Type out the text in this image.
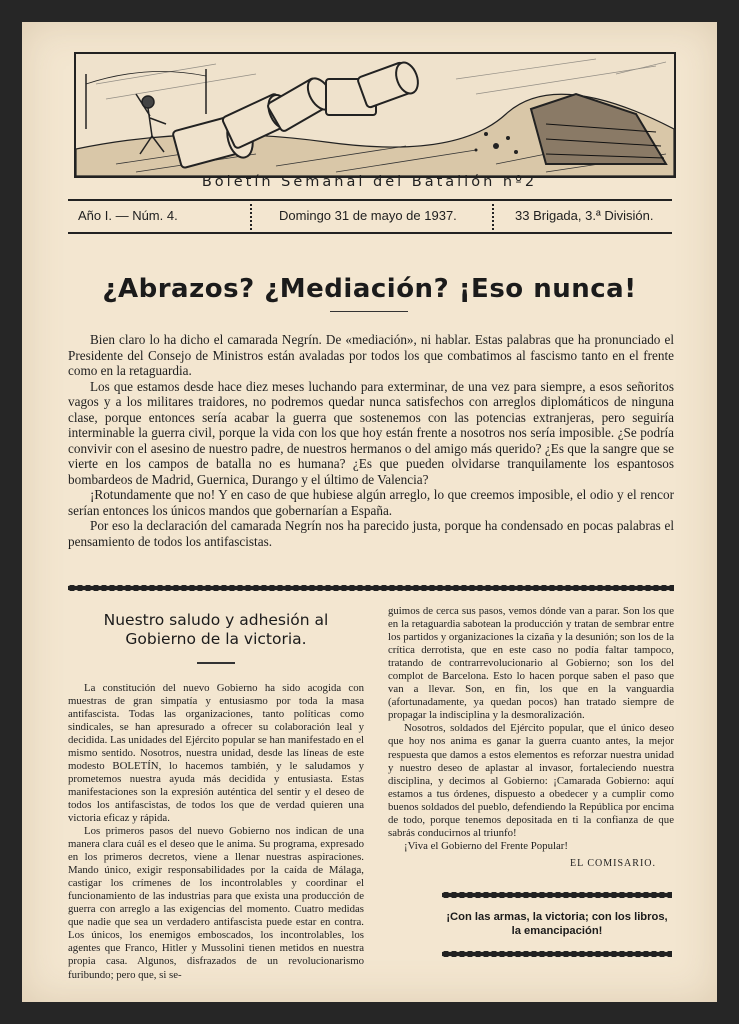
Boletín Semanal del Batallón nº2
Año I. — Núm. 4.	Domingo 31 de mayo de 1937.	33 Brigada, 3.ª División.
¿Abrazos? ¿Mediación? ¡Eso nunca!

Bien claro lo ha dicho el camarada Negrín. De «mediación», ni hablar. Estas palabras que ha pronunciado el Presidente del Consejo de Ministros están avaladas por todos los que combatimos al fascismo tanto en el frente como en la retaguardia.

Los que estamos desde hace diez meses luchando para exterminar, de una vez para siempre, a esos señoritos vagos y a los militares traidores, no podremos quedar nunca satisfechos con arreglos diplomáticos de ninguna clase, porque entonces sería acabar la guerra que sostenemos con las potencias extranjeras, pero seguiría interminable la guerra civil, porque la vida con los que hoy están frente a nosotros nos sería imposible. ¿Se podría convivir con el asesino de nuestro padre, de nuestros hermanos o del amigo más querido? ¿Es que la sangre que se vierte en los campos de batalla no es humana? ¿Es que pueden olvidarse tranquilamente los espantosos bombardeos de Madrid, Guernica, Durango y el último de Valencia?

¡Rotundamente que no! Y en caso de que hubiese algún arreglo, lo que creemos imposible, el odio y el rencor serían entonces los únicos mandos que gobernarían a España.

Por eso la declaración del camarada Negrín nos ha parecido justa, porque ha condensado en pocas palabras el pensamiento de todos los antifascistas.

Nuestro saludo y adhesión al Gobierno de la victoria.

La constitución del nuevo Gobierno ha sido acogida con muestras de gran simpatía y entusiasmo por toda la masa antifascista. Todas las organizaciones, tanto políticas como sindicales, se han apresurado a ofrecer su colaboración leal y decidida. Las unidades del Ejército popular se han manifestado en el mismo sentido. Nosotros, nuestra unidad, desde las líneas de este modesto BOLETÍN, lo hacemos también, y le saludamos y prometemos nuestra ayuda más decidida y entusiasta. Estas manifestaciones son la expresión auténtica del sentir y el deseo de todos los antifascistas, de todos los que de verdad quieren una victoria eficaz y rápida.

Los primeros pasos del nuevo Gobierno nos indican de una manera clara cuál es el deseo que le anima. Su programa, expresado en los primeros decretos, viene a llenar nuestras aspiraciones. Mando único, exigir responsabilidades por la caída de Málaga, castigar los crímenes de los incontrolables y coordinar el funcionamiento de las industrias para que exista una producción de guerra con arreglo a las exigencias del momento. Cuatro medidas que nadie que sea un verdadero antifascista puede estar en contra. Los únicos, los enemigos emboscados, los incontrolables, los agentes que Franco, Hitler y Mussolini tienen metidos en nuestra propia casa. Algunos, disfrazados de un revolucionarismo furibundo; pero que, si se-

guimos de cerca sus pasos, vemos dónde van a parar. Son los que en la retaguardia sabotean la producción y tratan de sembrar entre los partidos y organizaciones la cizaña y la desunión; son los de la crítica derrotista, que en este caso no podía faltar tampoco, tratando de contrarrevolucionario al Gobierno; son los del complot de Barcelona. Esto lo hacen porque saben el paso que van a llevar. Son, en fin, los que en la vanguardia (afortunadamente, ya quedan pocos) han tratado siempre de propagar la indisciplina y la desmoralización.

Nosotros, soldados del Ejército popular, que el único deseo que hoy nos anima es ganar la guerra cuanto antes, la mejor respuesta que damos a estos elementos es reforzar nuestra unidad y nuestro deseo de aplastar al invasor, fortaleciendo nuestra disciplina, y decimos al Gobierno: ¡Camarada Gobierno: aquí estamos a tus órdenes, dispuesto a obedecer y a cumplir como buenos soldados del pueblo, defendiendo la República por encima de todo, porque tenemos depositada en ti la confianza de que sabrás conducirnos al triunfo!

¡Viva el Gobierno del Frente Popular!

EL COMISARIO.
¡Con las armas, la victoria; con los libros, la emancipación!
